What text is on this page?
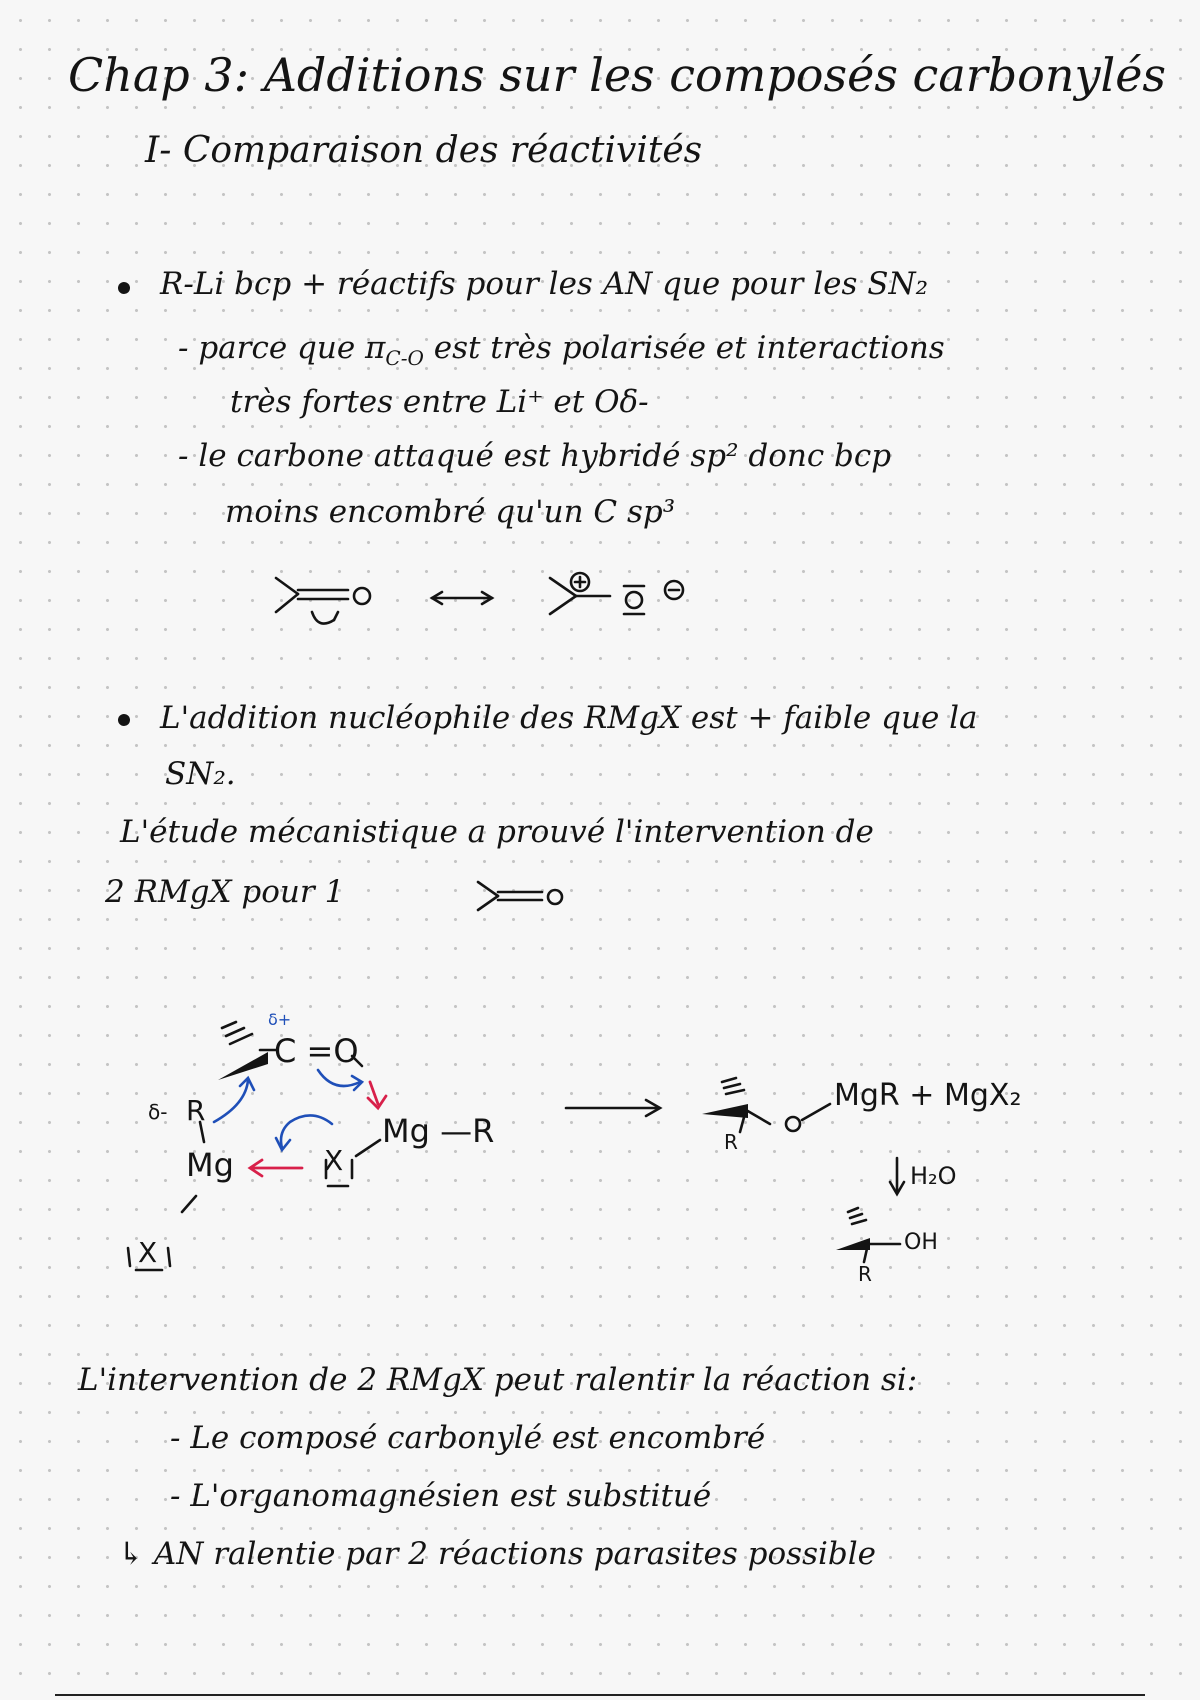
Chap 3: Additions sur les composés carbonylés
I- Comparaison des réactivités
R-Li bcp + réactifs pour les AN que pour les SN₂
- parce que $\pi_{C-O}$ est très polarisée et interactions
très fortes entre Li⁺ et Oδ-
- le carbone attaqué est hybridé sp² donc bcp
moins encombré qu'un C sp³
L'addition nucléophile des RMgX est + faible que la
SN₂.
L'étude mécanistique a prouvé l'intervention de
2 RMgX pour 1
δ+
C =O
δ- R
Mg	X
Mg —R
X
MgR + MgX₂
R
H₂O
OH
R
L'intervention de 2 RMgX peut ralentir la réaction si:
- Le composé carbonylé est encombré
- L'organomagnésien est substitué
↳ AN ralentie par 2 réactions parasites possible
